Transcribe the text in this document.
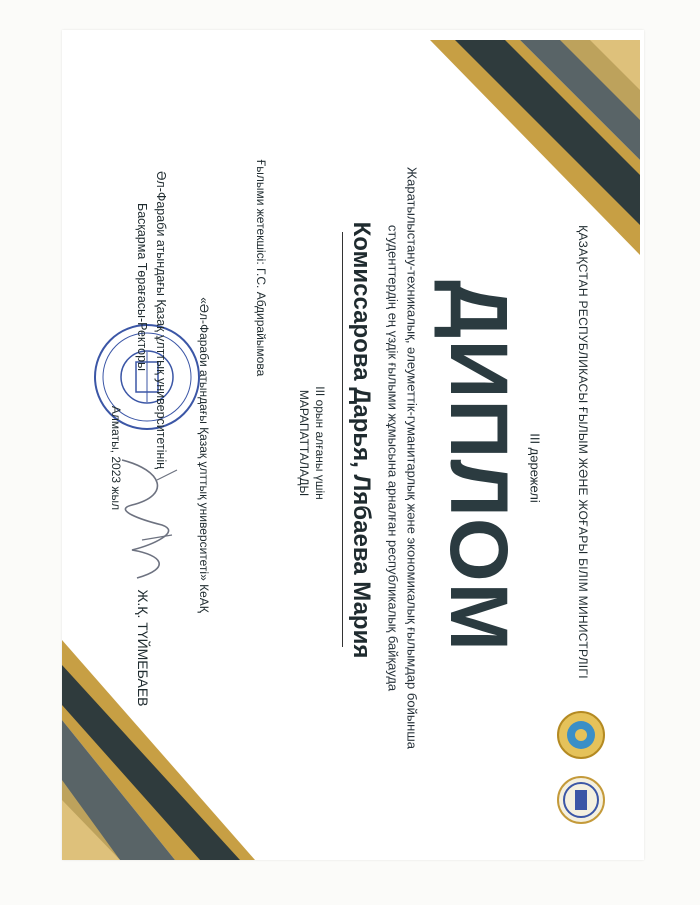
ҚАЗАҚСТАН РЕСПУБЛИКАСЫ ҒЫЛЫМ ЖӘНЕ ЖОҒАРЫ БІЛІМ МИНИСТРЛІГІ
III дәрежелі
ДИПЛОМ
Жаратылыстану-техникалық, әлеуметтік-гуманитарлық және экономикалық ғылымдар бойынша
студенттердің ең үздік ғылыми жұмысына арналған республикалық байқауда
Комиссарова Дарья, Лябаева Мария
III орын алғаны үшін
МАРАПАТТАЛАДЫ
Ғылыми жетекшісі: Г.С. Абдирайымова
«Әл-Фараби атындағы Қазақ ұлттық университеті» КеАҚ
Әл-Фараби атындағы Қазақ ұлттық университетінің
Басқарма Төрағасы-Ректоры
Ж.Қ. ТҮЙМЕБАЕВ
Алматы, 2023 жыл
